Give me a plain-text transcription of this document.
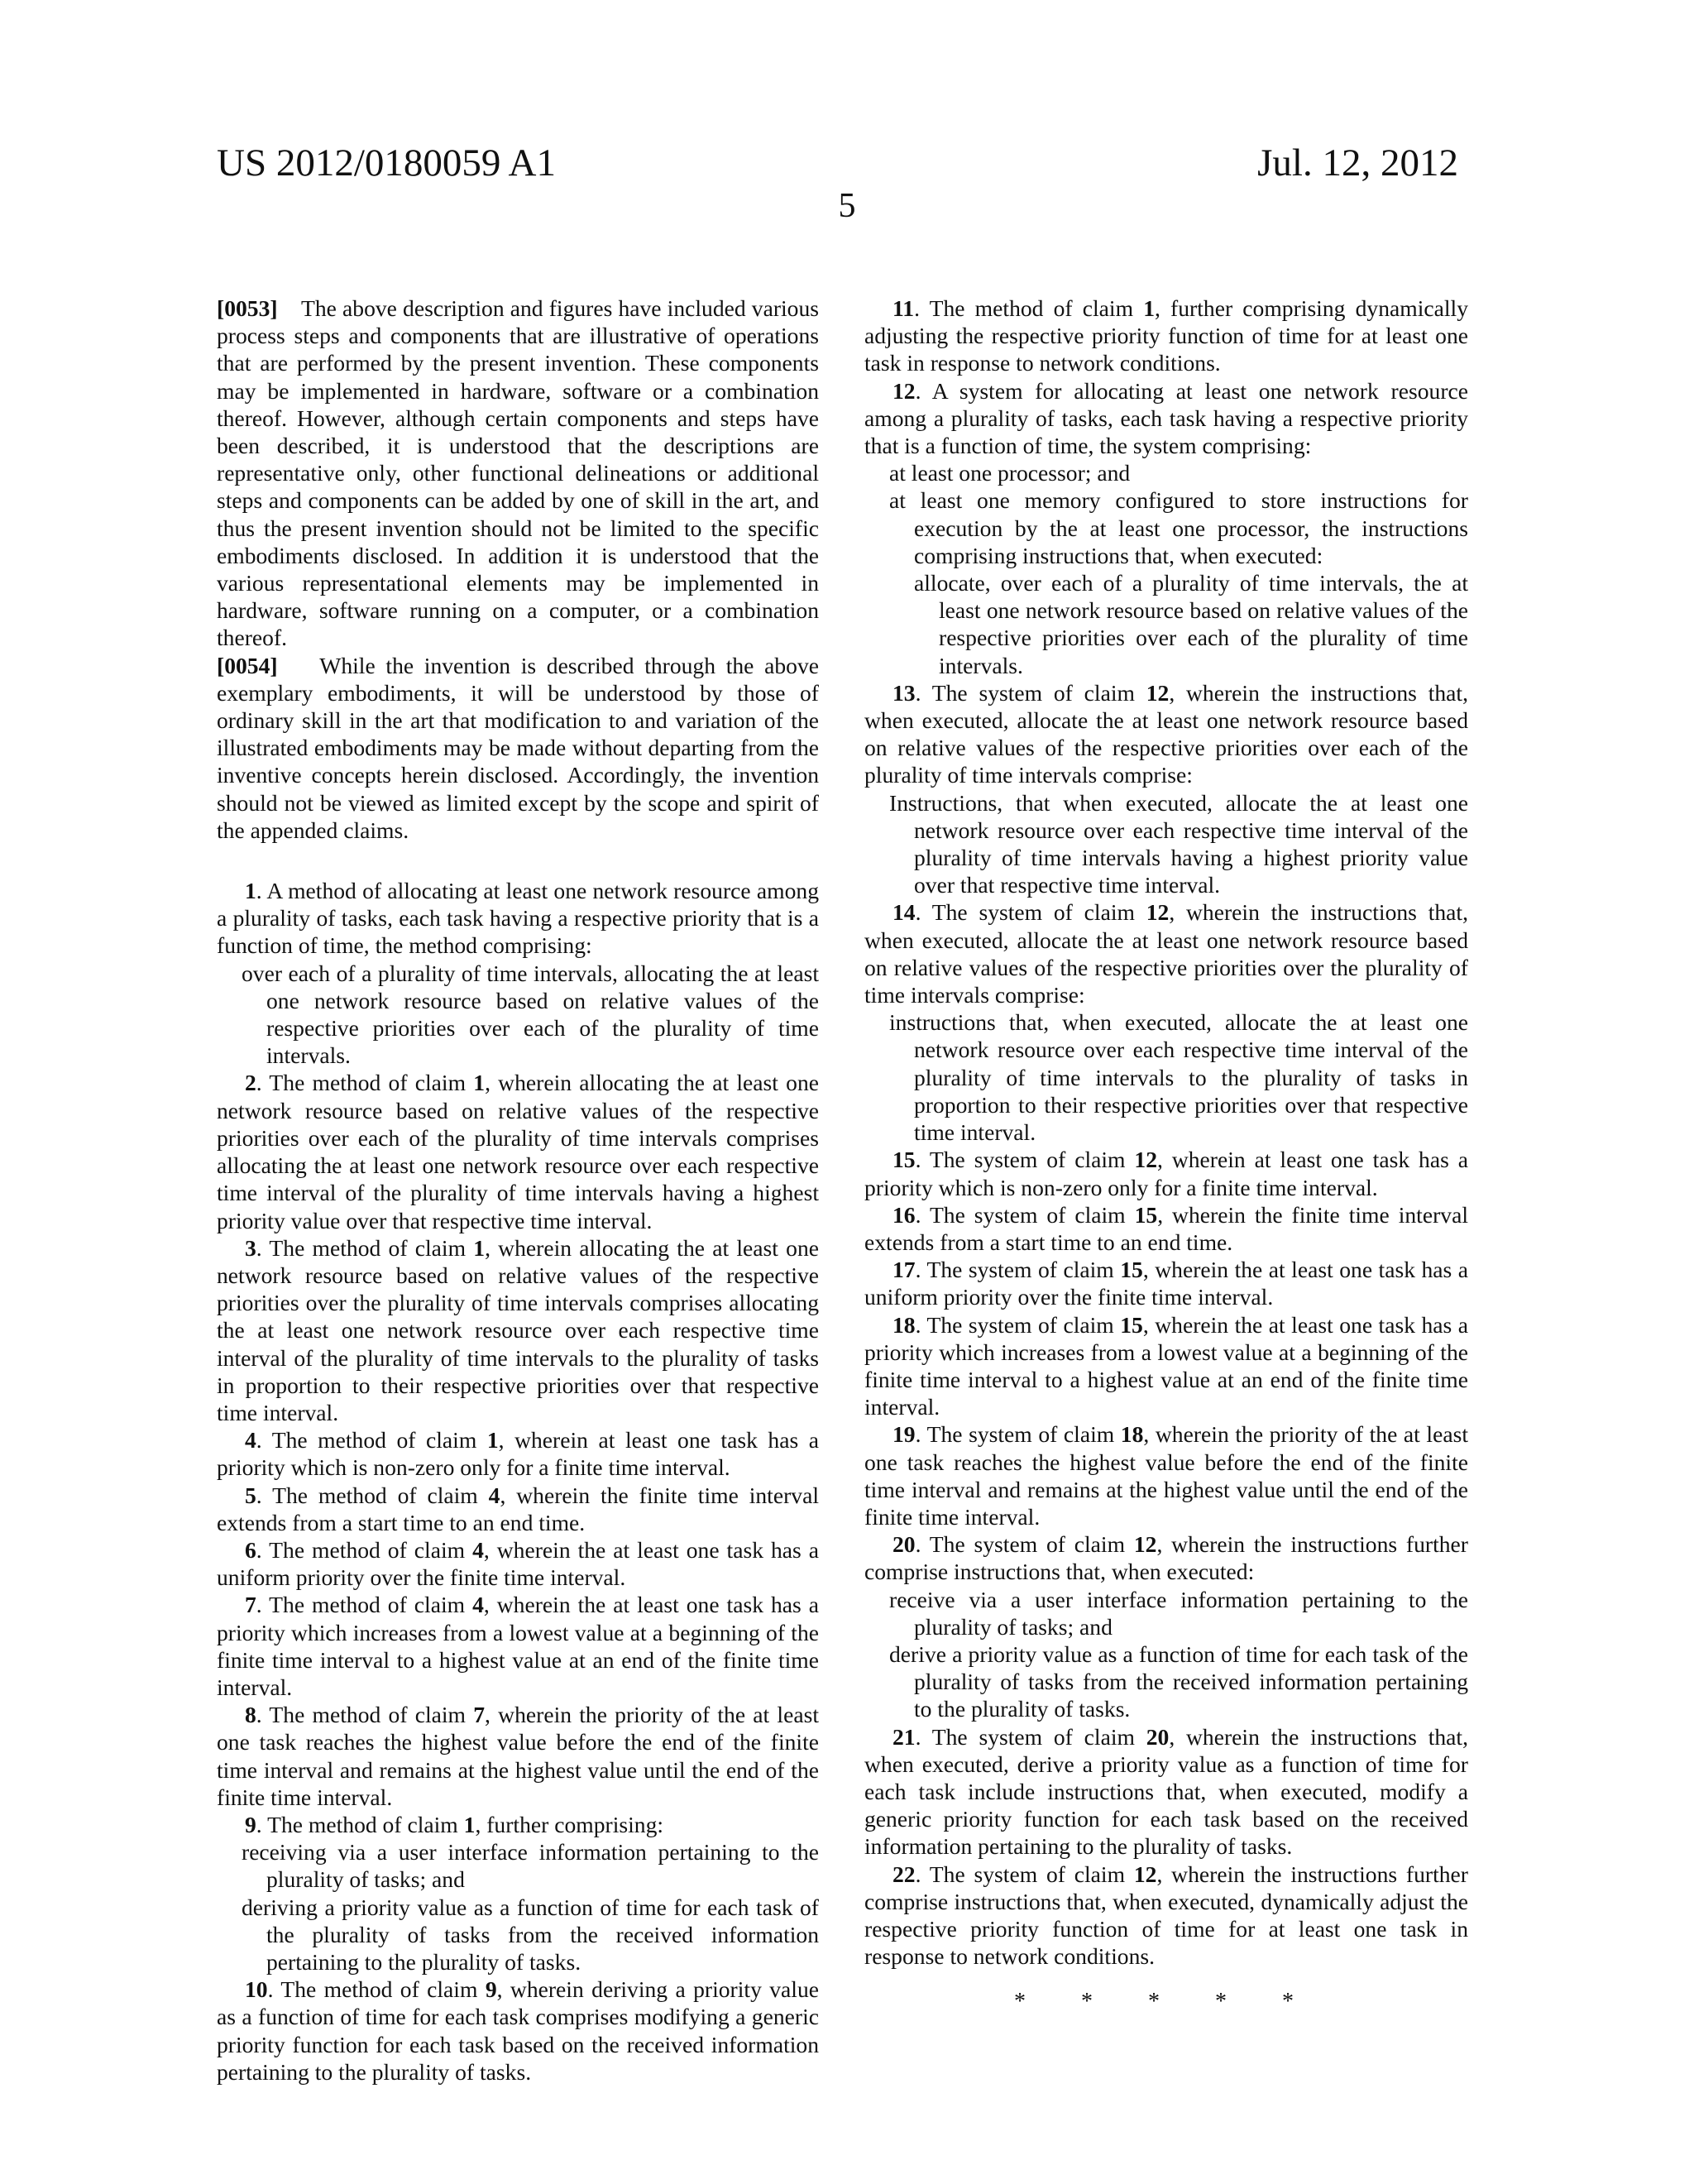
US 2012/0180059 A1	Jul. 12, 2012
5

[0053] The above description and figures have included various process steps and components that are illustrative of operations that are performed by the present invention. These components may be implemented in hardware, software or a combination thereof. However, although certain components and steps have been described, it is understood that the descriptions are representative only, other functional delineations or additional steps and components can be added by one of skill in the art, and thus the present invention should not be limited to the specific embodiments disclosed. In addition it is understood that the various representational elements may be implemented in hardware, software running on a computer, or a combination thereof.

[0054] While the invention is described through the above exemplary embodiments, it will be understood by those of ordinary skill in the art that modification to and variation of the illustrated embodiments may be made without departing from the inventive concepts herein disclosed. Accordingly, the invention should not be viewed as limited except by the scope and spirit of the appended claims.

1. A method of allocating at least one network resource among a plurality of tasks, each task having a respective priority that is a function of time, the method comprising:

over each of a plurality of time intervals, allocating the at least one network resource based on relative values of the respective priorities over each of the plurality of time intervals.

2. The method of claim 1, wherein allocating the at least one network resource based on relative values of the respective priorities over each of the plurality of time intervals comprises allocating the at least one network resource over each respective time interval of the plurality of time intervals having a highest priority value over that respective time interval.

3. The method of claim 1, wherein allocating the at least one network resource based on relative values of the respective priorities over the plurality of time intervals comprises allocating the at least one network resource over each respective time interval of the plurality of time intervals to the plurality of tasks in proportion to their respective priorities over that respective time interval.

4. The method of claim 1, wherein at least one task has a priority which is non-zero only for a finite time interval.

5. The method of claim 4, wherein the finite time interval extends from a start time to an end time.

6. The method of claim 4, wherein the at least one task has a uniform priority over the finite time interval.

7. The method of claim 4, wherein the at least one task has a priority which increases from a lowest value at a beginning of the finite time interval to a highest value at an end of the finite time interval.

8. The method of claim 7, wherein the priority of the at least one task reaches the highest value before the end of the finite time interval and remains at the highest value until the end of the finite time interval.

9. The method of claim 1, further comprising:

receiving via a user interface information pertaining to the plurality of tasks; and

deriving a priority value as a function of time for each task of the plurality of tasks from the received information pertaining to the plurality of tasks.

10. The method of claim 9, wherein deriving a priority value as a function of time for each task comprises modifying a generic priority function for each task based on the received information pertaining to the plurality of tasks.

11. The method of claim 1, further comprising dynamically adjusting the respective priority function of time for at least one task in response to network conditions.

12. A system for allocating at least one network resource among a plurality of tasks, each task having a respective priority that is a function of time, the system comprising:

at least one processor; and

at least one memory configured to store instructions for execution by the at least one processor, the instructions comprising instructions that, when executed:

allocate, over each of a plurality of time intervals, the at least one network resource based on relative values of the respective priorities over each of the plurality of time intervals.

13. The system of claim 12, wherein the instructions that, when executed, allocate the at least one network resource based on relative values of the respective priorities over each of the plurality of time intervals comprise:

Instructions, that when executed, allocate the at least one network resource over each respective time interval of the plurality of time intervals having a highest priority value over that respective time interval.

14. The system of claim 12, wherein the instructions that, when executed, allocate the at least one network resource based on relative values of the respective priorities over the plurality of time intervals comprise:

instructions that, when executed, allocate the at least one network resource over each respective time interval of the plurality of time intervals to the plurality of tasks in proportion to their respective priorities over that respective time interval.

15. The system of claim 12, wherein at least one task has a priority which is non-zero only for a finite time interval.

16. The system of claim 15, wherein the finite time interval extends from a start time to an end time.

17. The system of claim 15, wherein the at least one task has a uniform priority over the finite time interval.

18. The system of claim 15, wherein the at least one task has a priority which increases from a lowest value at a beginning of the finite time interval to a highest value at an end of the finite time interval.

19. The system of claim 18, wherein the priority of the at least one task reaches the highest value before the end of the finite time interval and remains at the highest value until the end of the finite time interval.

20. The system of claim 12, wherein the instructions further comprise instructions that, when executed:

receive via a user interface information pertaining to the plurality of tasks; and

derive a priority value as a function of time for each task of the plurality of tasks from the received information pertaining to the plurality of tasks.

21. The system of claim 20, wherein the instructions that, when executed, derive a priority value as a function of time for each task include instructions that, when executed, modify a generic priority function for each task based on the received information pertaining to the plurality of tasks.

22. The system of claim 12, wherein the instructions further comprise instructions that, when executed, dynamically adjust the respective priority function of time for at least one task in response to network conditions.

* * * * *
